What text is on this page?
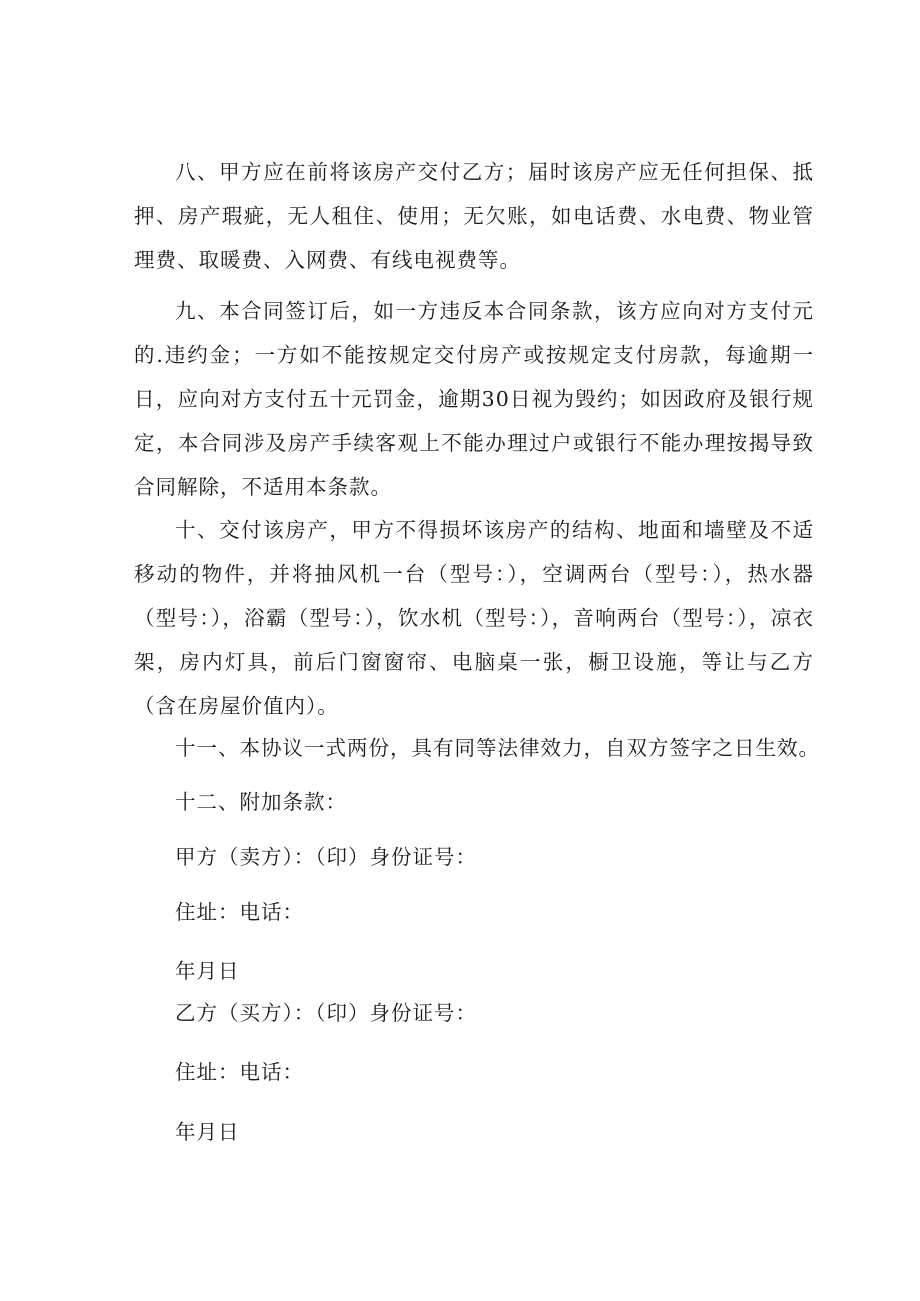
八、甲方应在前将该房产交付乙方；届时该房产应无任何担保、抵押、房产瑕疵，无人租住、使用；无欠账，如电话费、水电费、物业管理费、取暖费、入网费、有线电视费等。

九、本合同签订后，如一方违反本合同条款，该方应向对方支付元的.违约金；一方如不能按规定交付房产或按规定支付房款，每逾期一日，应向对方支付五十元罚金，逾期30日视为毁约；如因政府及银行规定，本合同涉及房产手续客观上不能办理过户或银行不能办理按揭导致合同解除，不适用本条款。

十、交付该房产，甲方不得损坏该房产的结构、地面和墙壁及不适移动的物件，并将抽风机一台（型号：），空调两台（型号：），热水器（型号：），浴霸（型号：），饮水机（型号：），音响两台（型号：），凉衣架，房内灯具，前后门窗窗帘、电脑桌一张，橱卫设施，等让与乙方（含在房屋价值内）。

十一、本协议一式两份，具有同等法律效力，自双方签字之日生效。

十二、附加条款：

甲方（卖方）：（印）身份证号：

住址：电话：

年月日

乙方（买方）：（印）身份证号：

住址：电话：

年月日
